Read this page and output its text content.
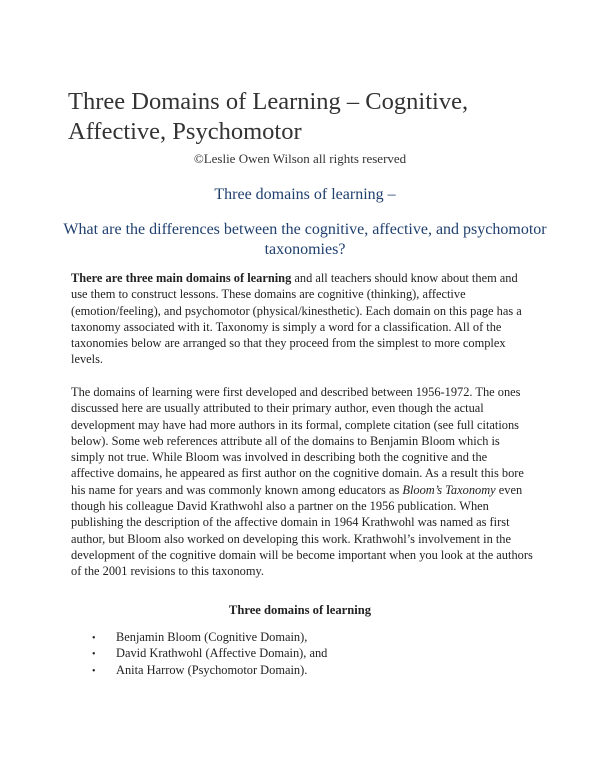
Three Domains of Learning – Cognitive, Affective, Psychomotor
©Leslie Owen Wilson all rights reserved
Three domains of learning –
What are the differences between the cognitive, affective, and psychomotor taxonomies?

There are three main domains of learning and all teachers should know about them and use them to construct lessons. These domains are cognitive (thinking), affective (emotion/feeling), and psychomotor (physical/kinesthetic). Each domain on this page has a taxonomy associated with it. Taxonomy is simply a word for a classification. All of the taxonomies below are arranged so that they proceed from the simplest to more complex levels.

The domains of learning were first developed and described between 1956-1972. The ones discussed here are usually attributed to their primary author, even though the actual development may have had more authors in its formal, complete citation (see full citations below). Some web references attribute all of the domains to Benjamin Bloom which is simply not true. While Bloom was involved in describing both the cognitive and the affective domains, he appeared as first author on the cognitive domain. As a result this bore his name for years and was commonly known among educators as Bloom’s Taxonomy even though his colleague David Krathwohl also a partner on the 1956 publication. When publishing the description of the affective domain in 1964 Krathwohl was named as first author, but Bloom also worked on developing this work. Krathwohl’s involvement in the development of the cognitive domain will be become important when you look at the authors of the 2001 revisions to this taxonomy.

Three domains of learning
•	Benjamin Bloom (Cognitive Domain),
•	David Krathwohl (Affective Domain), and
•	Anita Harrow (Psychomotor Domain).
